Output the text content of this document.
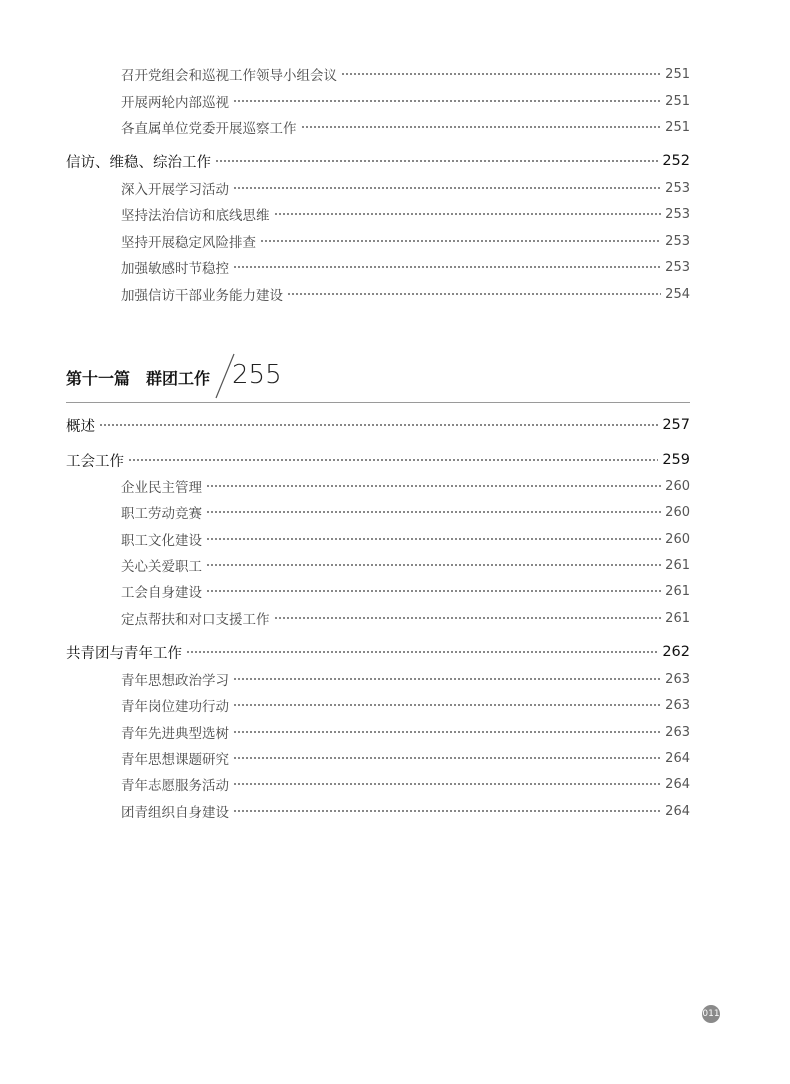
召开党组会和巡视工作领导小组会议	251
开展两轮内部巡视	251
各直属单位党委开展巡察工作	251
信访、维稳、综治工作	252
深入开展学习活动	253
坚持法治信访和底线思维	253
坚持开展稳定风险排查	253
加强敏感时节稳控	253
加强信访干部业务能力建设	254
第十一篇　群团工作 255
概述	257
工会工作	259
企业民主管理	260
职工劳动竞赛	260
职工文化建设	260
关心关爱职工	261
工会自身建设	261
定点帮扶和对口支援工作	261
共青团与青年工作	262
青年思想政治学习	263
青年岗位建功行动	263
青年先进典型选树	263
青年思想课题研究	264
青年志愿服务活动	264
团青组织自身建设	264
011
